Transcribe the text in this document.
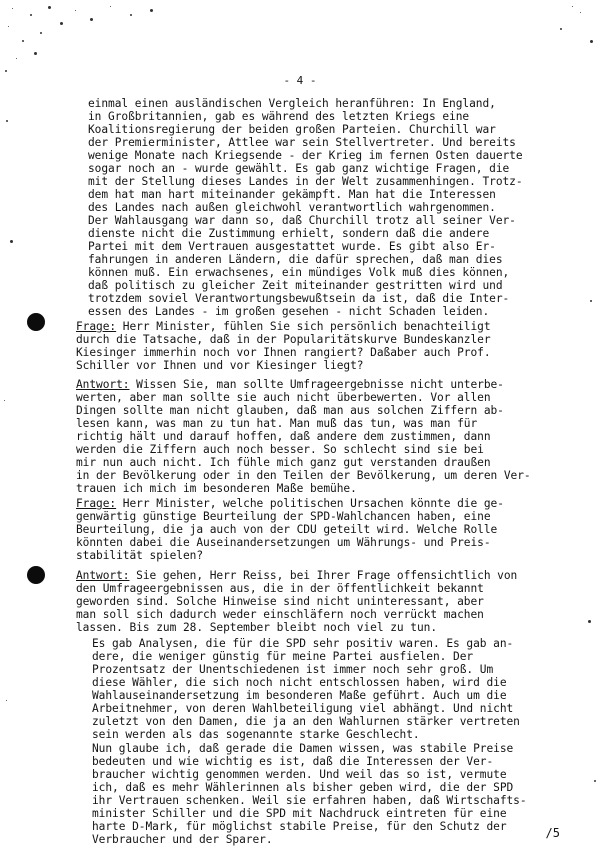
- 4 -
einmal einen ausländischen Vergleich heranführen: In England,
in Großbritannien, gab es während des letzten Kriegs eine
Koalitionsregierung der beiden großen Parteien. Churchill war
der Premierminister, Attlee war sein Stellvertreter. Und bereits
wenige Monate nach Kriegsende - der Krieg im fernen Osten dauerte
sogar noch an - wurde gewählt. Es gab ganz wichtige Fragen, die
mit der Stellung dieses Landes in der Welt zusammenhingen. Trotz-
dem hat man hart miteinander gekämpft. Man hat die Interessen
des Landes nach außen gleichwohl verantwortlich wahrgenommen.
Der Wahlausgang war dann so, daß Churchill trotz all seiner Ver-
dienste nicht die Zustimmung erhielt, sondern daß die andere
Partei mit dem Vertrauen ausgestattet wurde. Es gibt also Er-
fahrungen in anderen Ländern, die dafür sprechen, daß man dies
können muß. Ein erwachsenes, ein mündiges Volk muß dies können,
daß politisch zu gleicher Zeit miteinander gestritten wird und
trotzdem soviel Verantwortungsbewußtsein da ist, daß die Inter-
essen des Landes - im großen gesehen - nicht Schaden leiden.
Frage: Herr Minister, fühlen Sie sich persönlich benachteiligt
durch die Tatsache, daß in der Popularitätskurve Bundeskanzler
Kiesinger immerhin noch vor Ihnen rangiert? Daßaber auch Prof.
Schiller vor Ihnen und vor Kiesinger liegt?
Antwort: Wissen Sie, man sollte Umfrageergebnisse nicht unterbe-
werten, aber man sollte sie auch nicht überbewerten. Vor allen
Dingen sollte man nicht glauben, daß man aus solchen Ziffern ab-
lesen kann, was man zu tun hat. Man muß das tun, was man für
richtig hält und darauf hoffen, daß andere dem zustimmen, dann
werden die Ziffern auch noch besser. So schlecht sind sie bei
mir nun auch nicht. Ich fühle mich ganz gut verstanden draußen
in der Bevölkerung oder in den Teilen der Bevölkerung, um deren Ver-
trauen ich mich im besonderen Maße bemühe.
Frage: Herr Minister, welche politischen Ursachen könnte die ge-
genwärtig günstige Beurteilung der SPD-Wahlchancen haben, eine
Beurteilung, die ja auch von der CDU geteilt wird. Welche Rolle
könnten dabei die Auseinandersetzungen um Währungs- und Preis-
stabilität spielen?
Antwort: Sie gehen, Herr Reiss, bei Ihrer Frage offensichtlich von
den Umfrageergebnissen aus, die in der öffentlichkeit bekannt
geworden sind. Solche Hinweise sind nicht uninteressant, aber
man soll sich dadurch weder einschläfern noch verrückt machen
lassen. Bis zum 28. September bleibt noch viel zu tun.
Es gab Analysen, die für die SPD sehr positiv waren. Es gab an-
dere, die weniger günstig für meine Partei ausfielen. Der
Prozentsatz der Unentschiedenen ist immer noch sehr groß. Um
diese Wähler, die sich noch nicht entschlossen haben, wird die
Wahlauseinandersetzung im besonderen Maße geführt. Auch um die
Arbeitnehmer, von deren Wahlbeteiligung viel abhängt. Und nicht
zuletzt von den Damen, die ja an den Wahlurnen stärker vertreten
sein werden als das sogenannte starke Geschlecht.
Nun glaube ich, daß gerade die Damen wissen, was stabile Preise
bedeuten und wie wichtig es ist, daß die Interessen der Ver-
braucher wichtig genommen werden. Und weil das so ist, vermute
ich, daß es mehr Wählerinnen als bisher geben wird, die der SPD
ihr Vertrauen schenken. Weil sie erfahren haben, daß Wirtschafts-
minister Schiller und die SPD mit Nachdruck eintreten für eine
harte D-Mark, für möglichst stabile Preise, für den Schutz der
Verbraucher und der Sparer.	/5
